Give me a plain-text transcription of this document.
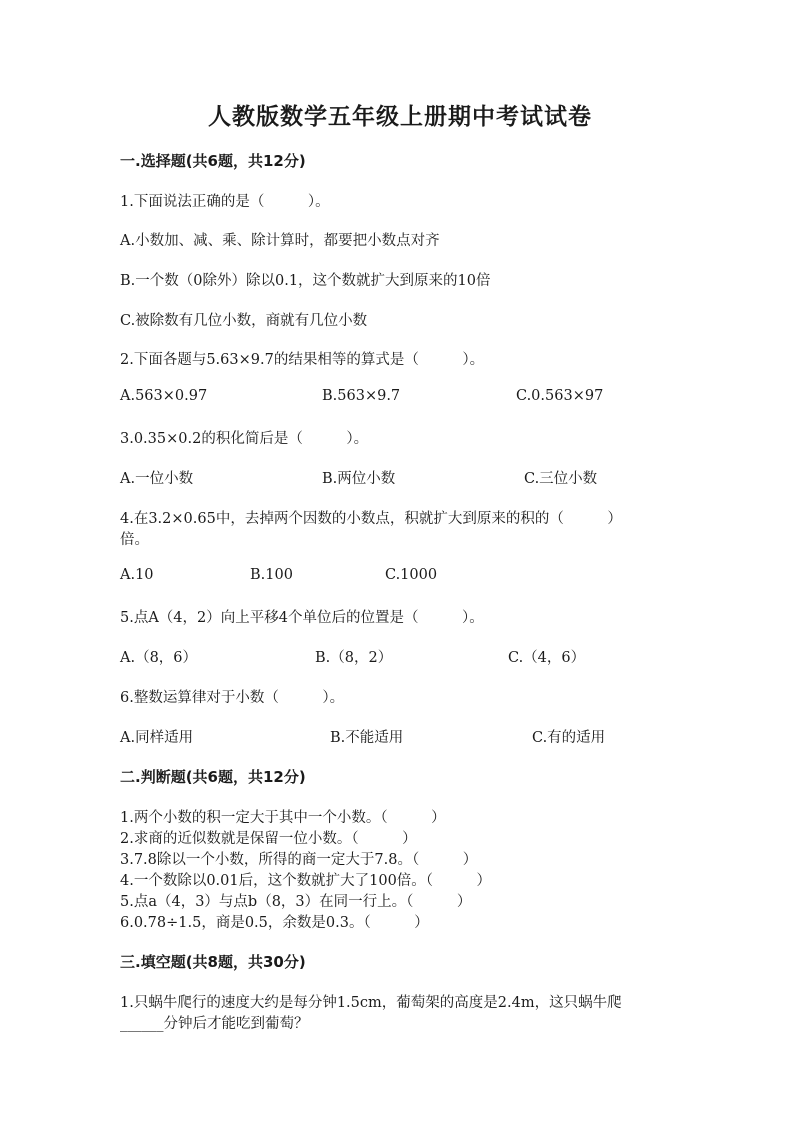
人教版数学五年级上册期中考试试卷

一.选择题(共6题，共12分)

1.下面说法正确的是（　　　）。

A.小数加、减、乘、除计算时，都要把小数点对齐

B.一个数（0除外）除以0.1，这个数就扩大到原来的10倍

C.被除数有几位小数，商就有几位小数

2.下面各题与5.63×9.7的结果相等的算式是（　　　）。

A.563×0.97	B.563×9.7	C.0.563×97

3.0.35×0.2的积化简后是（　　　）。

A.一位小数	B.两位小数	C.三位小数

4.在3.2×0.65中，去掉两个因数的小数点，积就扩大到原来的积的（　　　）

倍。

A.10	B.100	C.1000

5.点A（4，2）向上平移4个单位后的位置是（　　　）。

A.（8，6）	B.（8，2）	C.（4，6）

6.整数运算律对于小数（　　　）。

A.同样适用	B.不能适用	C.有的适用

二.判断题(共6题，共12分)

1.两个小数的积一定大于其中一个小数。（　　　）

2.求商的近似数就是保留一位小数。（　　　）

3.7.8除以一个小数，所得的商一定大于7.8。（　　　）

4.一个数除以0.01后，这个数就扩大了100倍。（　　　）

5.点a（4，3）与点b（8，3）在同一行上。（　　　）

6.0.78÷1.5，商是0.5，余数是0.3。（　　　）

三.填空题(共8题，共30分)

1.只蜗牛爬行的速度大约是每分钟1.5cm，葡萄架的高度是2.4m，这只蜗牛爬

______分钟后才能吃到葡萄？
